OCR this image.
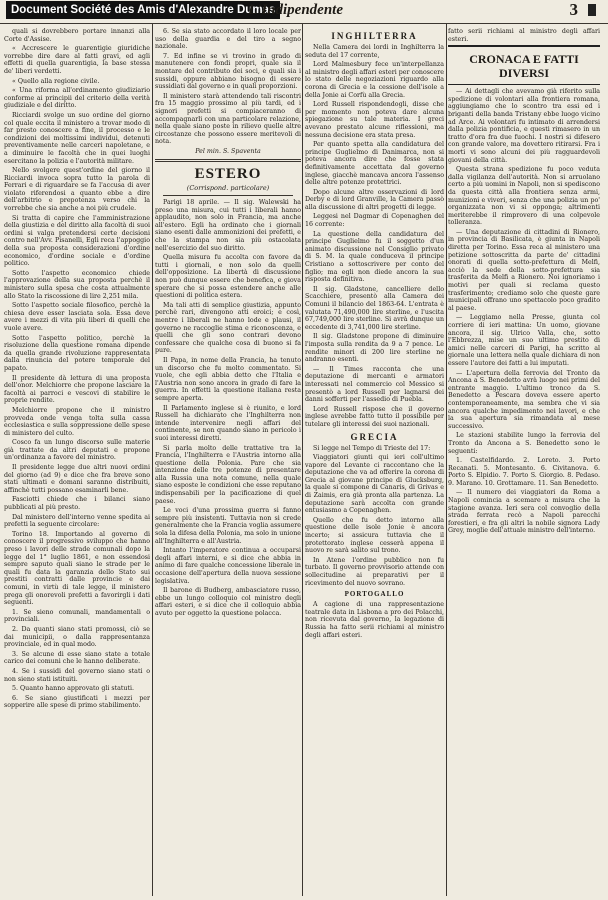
Document Société des Amis d'Alexandre Dumas
L'Indipendente	3

quali si dovrebbero portare innanzi alla Corte d'Assise.

« Accrescere le guarentigie giuridiche vorrebbe dire dare al fatti gravi, ed agli effetti di quella guarentigia, la base stessa de' liberi verdetti.

« Quello alla regione civile.

« Una riforma all'ordinamento giudiziario conforme ai principii del criterio della verità giudiziale e del diritto.

Ricciardi svolge un suo ordine del giorno col quale eccita il ministero a trovar modo di far presto conoscere a fine, il processo e le condizioni dei moltissimi individui, detenuti preventivamente nelle carceri napoletane, e a diminuire le facoltà che in quei luoghi esercitano la polizia e l'autorità militare.

Nello svolgere quest'ordine del giorno il Ricciardi invoca sopra tutto la parola di Ferrari e di riguardare se fa l'accusa di aver violato riferendosi a quanto ebbe a dire dell'arbitrio e prepotenza verso chi la vorrebbe che sia anche a noi più crudele.

Si tratta di capire che l'amministrazione della giustizia e del diritto alla facoltà di suoi ordini si valga pretendersi certe decisioni contro nell'Avv. Pisanelli, Egli reca l'appoggio della sua proposta considerazioni d'ordine economico, d'ordine sociale e d'ordine politico.

Sotto l'aspetto economico chiede l'approvazione della sua proposta perchè il ministero sulla spesa che costa attualmente allo Stato la riscossione di lire 2,251 mila.

Sotto l'aspetto sociale filosofico, perchè la chiesa deve esser lasciata sola. Essa deve avere i mezzi di vita più liberi di quelli che vuole avere.

Sotto l'aspetto politico, perchè la risoluzione della questione romana dipende da quella grande rivoluzione rappresentata dalla rinuncia del potere temporale del papato.

Il presidente dà lettura di una proposta dell'onor. Melchiorre che propone lasciare la facoltà ai parroci e vescovi di stabilire le proprie rendite.

Melchiorre propone che il ministro provveda onde venga tolta sulla cassa ecclesiastica e sulla soppressione delle spese di ministero del culto.

Cosco fa un lungo discorso sulle materie già trattate da altri deputati e propone un'ordinanza a favore del ministro.

Il presidente legge due altri nuovi ordini del giorno (ad 9) e dice che fra breve sono stati ultimati e domani saranno distribuiti, affinchè tutti possano esaminarli bene.

Fasciotti chiede che i bilanci siano pubblicati al più presto.

Dal ministero dell'interno venne spedita ai prefetti la seguente circolare:

Torino 18. Importando al governo di conoscere il progressivo sviluppo che hanno preso i lavori delle strade comunali dopo la legge del 1° luglio 1861, e non essendosi sempre saputo quali siano le strade per le quali fu data la garanzia dello Stato sui prestiti contratti dalle provincie e dai comuni, in virtù di tale legge, il ministero prega gli onorevoli prefetti a favorirgli i dati seguenti.

1. Se sieno comunali, mandamentali o provinciali.

2. Da quanti siano stati promossi, ciò se dai municipii, o dalla rappresentanza provinciale, ed in qual modo.

3. Se alcune di esse siano state a totale carico dei comuni che le hanno deliberate.

4. Se i sussidi del governo siano stati o non sieno stati istituiti.

5. Quanto hanno approvato gli statuti.

6. Se siano giustificati i mezzi per sopperire alle spese di primo stabilimento.

6. Se sia stato accordato il loro locale per uso della guardia e del tiro a segno nazionale.

7. Ed infine se vi trovino in grado di manutenere con fondi propri, quale sia il montare del contributo dei soci, e quali sia i sussidi, oppure abbiano bisogno di essere sussidiati dal governo e in quali proporzioni.

Il ministero starà attendendo tali riscontri fra 15 maggio prossimo al più tardi, ed i signori prefetti si compiaceranno di accompagnarli con una particolare relazione, nella quale siano poste in rilievo quelle altre circostanze che possono essere meritevoli di nota.

Pel min. S. Spaventa
ESTERO
(Corrispond. particolare)

Parigi 18 aprile. — Il sig. Walewski ha preso una misura, cui tutti i liberali hanno applaudito, non solo in Francia, ma anche all'estero. Egli ha ordinato che i giornali siano esenti dalle ammonizioni dei prefetti, e che la stampa non sia più ostacolata nell'esercizio del suo diritto.

Quella misura fu accolta con favore da tutti i giornali, e non solo da quelli dell'opposizione. La libertà di discussione non può dunque essere che benefica, e giova sperare che si possa estendere anche alle questioni di politica estera.

Ma tali atti di semplice giustizia, appunto perchè rari, divengono atti eroici; e così, mentre i liberali ne hanno lode e plausi, il governo ne raccoglie stima e riconoscenza, e quelli che gli sono contrari devono confessare che qualche cosa di buono si fa pure.

Il Papa, in nome della Francia, ha tenuto un discorso che fu molto commentato. Si vuole, che egli abbia detto che l'Italia e l'Austria non sono ancora in grado di fare la guerra. In effetti la questione italiana resta sempre aperta.

Il Parlamento inglese si è riunito, e lord Russell ha dichiarato che l'Inghilterra non intende intervenire negli affari del continente, se non quando siano in pericolo i suoi interessi diretti.

Si parla molto delle trattative tra la Francia, l'Inghilterra e l'Austria intorno alla questione della Polonia. Pare che sia intenzione delle tre potenze di presentare alla Russia una nota comune, nella quale siano esposte le condizioni che esse reputano indispensabili per la pacificazione di quel paese.

Le voci d'una prossima guerra si fanno sempre più insistenti. Tuttavia non si crede generalmente che la Francia voglia assumere sola la difesa della Polonia, ma solo in unione all'Inghilterra e all'Austria.

Intanto l'imperatore continua a occuparsi degli affari interni, e si dice che abbia in animo di fare qualche concessione liberale in occasione dell'apertura della nuova sessione legislativa.

Il barone di Budberg, ambasciatore russo, ebbe un lungo colloquio col ministro degli affari esteri, e si dice che il colloquio abbia avuto per oggetto la questione polacca.

INGHILTERRA

Nella Camera dei lordi in Inghilterra la seduta del 17 corrente,

Lord Malmesbury fece un'interpellanza al ministro degli affari esteri per conoscere lo stato delle negoziazioni riguardo alla corona di Grecia e la cessione dell'isole a della Jonie ai Corfù alla Grecia.

Lord Russell rispondendogli, disse che per momento non poteva dare alcuna spiegazione su tale materia. I greci avevano prestato alcune riflessioni, ma nessuna decisione era stata presa.

Per quanto spetta alla candidatura del principe Guglielmo di Danimarca, non si poteva ancora dire che fosse stata definitivamente accettata dal governo inglese, giacchè mancava ancora l'assenso delle altre potenze protettrici.

Dopo alcune altre osservazioni di lord Derby e di lord Granville, la Camera passò alla discussione di altri progetti di legge.

Leggesi nel Dagmar di Copenaghen del 16 corrente:

La questione della candidatura del principe Guglielmo fu il soggetto d'un animato discussione nel Consiglio privato di S. M. la quale conduceva il principe Cristiano a sottoscrivere per conto del figlio; ma egli non diede ancora la sua risposta definitiva.

Il sig. Gladstone, cancelliere dello Scacchiere, presentò alla Camera dei Comuni il bilancio del 1863-64. L'entrata è valutata 71,490,000 lire sterline, e l'uscita 67,749,000 lire sterline. Si avrà dunque un eccedente di 3,741,000 lire sterline.

Il sig. Gladstone propone di diminuire l'imposta sulla rendita da 9 a 7 pence. Le rendite minori di 200 lire sterline ne andranno esenti.

— Il Times racconta che una deputazione di mercanti e armatori interessati nel commercio col Messico si presentò a lord Russell per lagnarsi dei danni sofferti per l'assedio di Puebla.

Lord Russell rispose che il governo inglese avrebbe fatto tutto il possibile per tutelare gli interessi dei suoi nazionali.

GRECIA

Si legge nel Tempo di Trieste del 17:

Viaggiatori giunti qui ieri coll'ultimo vapore del Levante ci raccontano che la deputazione che va ad offerire la corona di Grecia al giovane principe di Glucksburg, la quale si compone di Canaris, di Grivas e di Zaimis, era già pronta alla partenza. La deputazione sarà accolta con grande entusiasmo a Copenaghen.

Quello che fu detto intorno alla questione delle isole Jonie è ancora incerto; si assicura tuttavia che il protettorato inglese cesserà appena il nuovo re sarà salito sul trono.

In Atene l'ordine pubblico non fu turbato. Il governo provvisorio attende con sollecitudine ai preparativi per il ricevimento del nuovo sovrano.

PORTOGALLO

A cagione di una rappresentazione teatrale data in Lisbona a pro dei Polacchi, non ricevuta dal governo, la legazione di Russia ha fatto serii richiami al ministro degli affari esteri.

fatto serii richiami al ministro degli affari esteri.

CRONACA E FATTI DIVERSI

— Ai dettagli che avevamo già riferito sulla spedizione di volontari alla frontiera romana, aggiungiamo che lo scontro tra essi ed i briganti della banda Tristany ebbe luogo vicino ad Arce. Ai volontari fu intimato di arrendersi dalla polizia pontificia, e questi rimasero in un tratto d'ora fra due fuochi. I nostri si difesero con grande valore, ma dovettero ritirarsi. Fra i morti vi sono alcuni dei più ragguardevoli giovani della città.

Questa strana spedizione fu poco veduta dalla vigilanza dell'autorità. Non si arruolano certo a più uomini in Napoli, non si spediscono da questa città alla frontiera senza armi, munizioni e viveri, senza che una polizia un po' organizzata non vi si opponga; altrimenti meriterebbe il rimprovero di una colpevole tolleranza.

— Una deputazione di cittadini di Rionero, in provincia di Basilicata, è giunta in Napoli diretta per Torino. Essa reca al ministero una petizione sottoscritta da parte de' cittadini onorati di quella sotto-prefettura di Melfi, acciò la sede della sotto-prefettura sia trasferita da Melfi a Rionero. Noi ignoriamo i motivi per quali si reclama questo trasferimento; crediamo solo che queste gare municipali offrano uno spettacolo poco gradito al paese.

— Leggiamo nella Presse, giunta col corriere di ieri mattina: Un uomo, giovane ancora, il sig. Ulrico Valla, che, sotto l'Ebbrezza, mise un suo ultimo prestito di amici nelle carceri di Parigi, ha scritto al giornale una lettera nella quale dichiara di non essere l'autore dei fatti a lui imputati.

— L'apertura della ferrovia del Tronto da Ancona a S. Benedetto avrà luogo nei primi del entrante maggio. L'ultimo tronco da S. Benedetto a Pescara doveva essere aperto contemporaneamente, ma sembra che vi sia ancora qualche impedimento nei lavori, e che la sua apertura sia rimandata al mese successivo.

Le stazioni stabilite lungo la ferrovia del Tronto da Ancona a S. Benedetto sono le seguenti:

1. Castelfidardo. 2. Loreto. 3. Porto Recanati. 5. Montesanto. 6. Civitanova. 6. Porto S. Elpidio. 7. Porto S. Giorgio. 8. Pedaso. 9. Marano. 10. Grottamare. 11. San Benedetto.

— Il numero dei viaggiatori da Roma a Napoli comincia a scemare a misura che la stagione avanza. Ieri sera col convoglio della strada ferrata recò a Napoli parecchi forestieri, e fra gli altri la nobile signora Lady Grey, moglie dell'attuale ministro dell'interno.
